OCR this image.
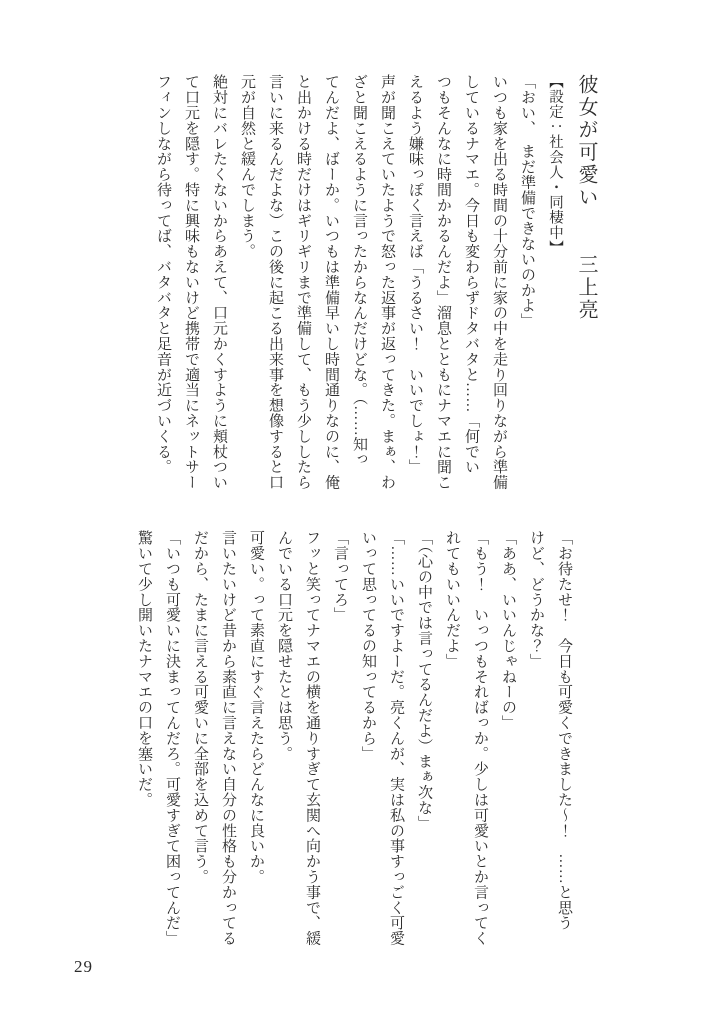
彼女が可愛い　　三上亮

【設定：社会人・同棲中】

「おい、　まだ準備できないのかよ」

いつも家を出る時間の十分前に家の中を走り回りながら準備

しているナマエ。今日も変わらずドタバタと……「何でい

つもそんなに時間かかるんだよ」溜息とともにナマエに聞こ

えるよう嫌味っぽく言えば「うるさい！　いいでしょ！」

声が聞こえていたようで怒った返事が返ってきた。まぁ、わ

ざと聞こえるように言ったからなんだけどな。（……知っ

てんだよ、ばーか。いつもは準備早いし時間通りなのに、俺

と出かける時だけはギリギリまで準備して、もう少ししたら

言いに来るんだよな）この後に起こる出来事を想像すると口

元が自然と緩んでしまう。

絶対にバレたくないからあえて、口元かくすように頬杖つい

て口元を隠す。特に興味もないけど携帯で適当にネットサー

フィンしながら待ってば、バタバタと足音が近づいくる。

「お待たせ！　今日も可愛くできました〜！　……と思う

けど、どうかな？」

「ああ、いいんじゃねーの」

「もう！　いっつもそればっか。少しは可愛いとか言ってく

れてもいいんだよ」

「（心の中では言ってるんだよ）まぁ次な」

「……いいですよーだ。亮くんが、実は私の事すっごく可愛

いって思ってるの知ってるから」

「言ってろ」

フッと笑ってナマエの横を通りすぎて玄関へ向かう事で、緩

んでいる口元を隠せたとは思う。

可愛い。って素直にすぐ言えたらどんなに良いか。

言いたいけど昔から素直に言えない自分の性格も分かってる

だから、たまに言える可愛いに全部を込めて言う。

「いつも可愛いに決まってんだろ。可愛すぎて困ってんだ」

驚いて少し開いたナマエの口を塞いだ。

29
